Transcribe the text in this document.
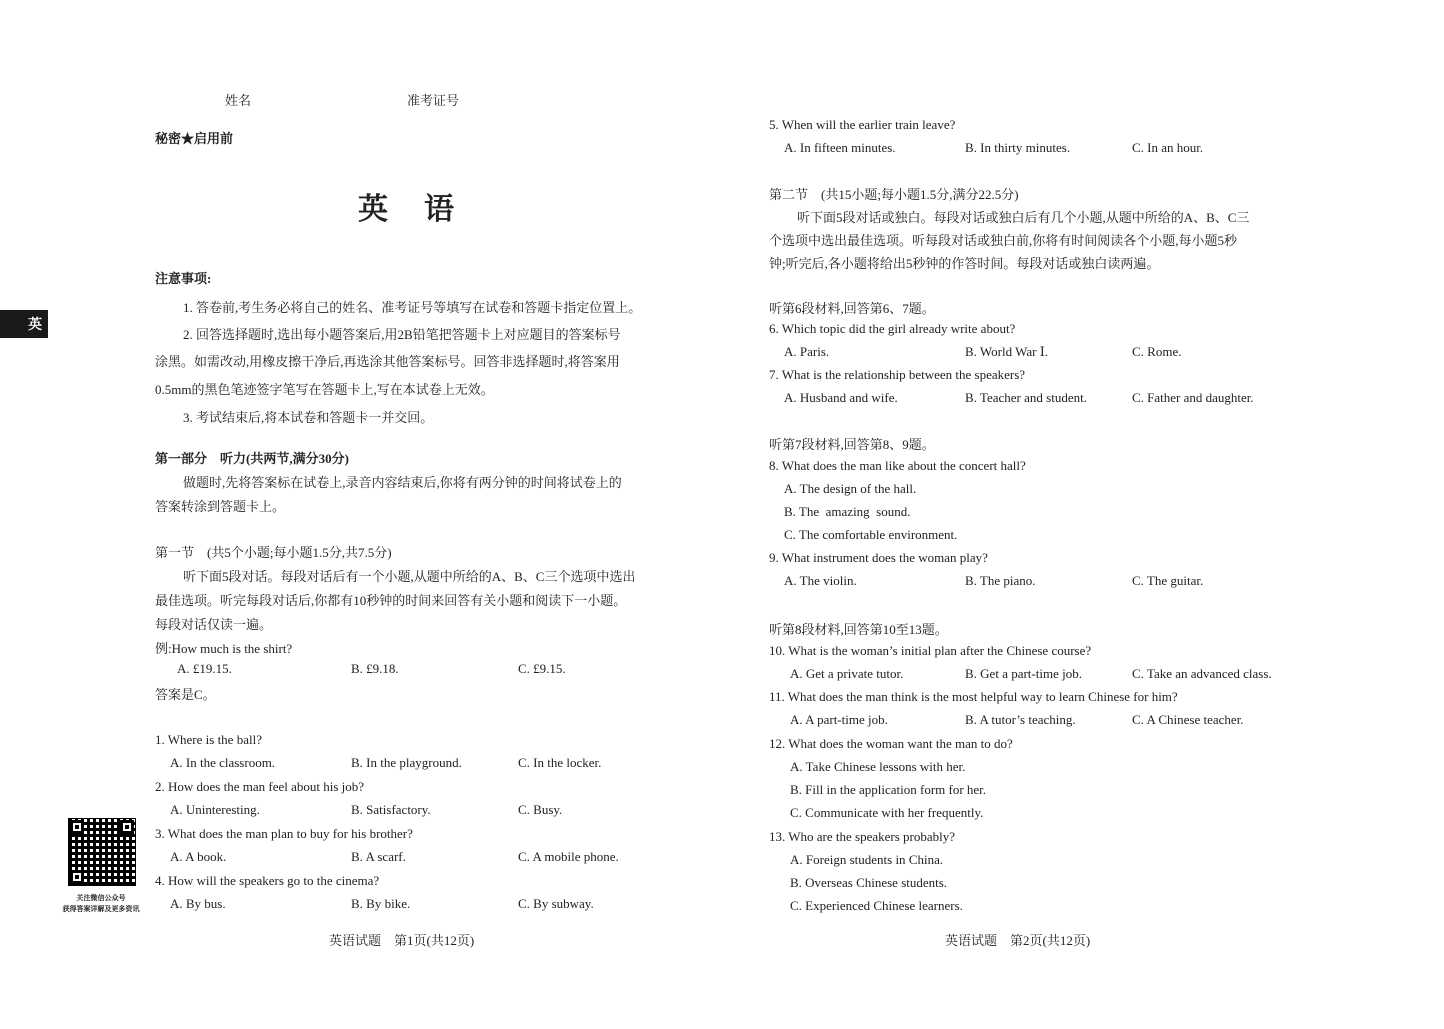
姓名	准考证号
秘密★启用前
英语
英
注意事项:
1. 答卷前,考生务必将自己的姓名、准考证号等填写在试卷和答题卡指定位置上。
2. 回答选择题时,选出每小题答案后,用2B铅笔把答题卡上对应题目的答案标号
涂黑。如需改动,用橡皮擦干净后,再选涂其他答案标号。回答非选择题时,将答案用
0.5mm的黑色笔迹签字笔写在答题卡上,写在本试卷上无效。
3. 考试结束后,将本试卷和答题卡一并交回。
第一部分　听力(共两节,满分30分)
做题时,先将答案标在试卷上,录音内容结束后,你将有两分钟的时间将试卷上的
答案转涂到答题卡上。
第一节　(共5个小题;每小题1.5分,共7.5分)
听下面5段对话。每段对话后有一个小题,从题中所给的A、B、C三个选项中选出
最佳选项。听完每段对话后,你都有10秒钟的时间来回答有关小题和阅读下一小题。
每段对话仅读一遍。
例:How much is the shirt?
A. £19.15.	B. £9.18.	C. £9.15.
答案是C。
1. Where is the ball?
A. In the classroom.	B. In the playground.	C. In the locker.
2. How does the man feel about his job?
A. Uninteresting.	B. Satisfactory.	C. Busy.
3. What does the man plan to buy for his brother?
A. A book.	B. A scarf.	C. A mobile phone.
4. How will the speakers go to the cinema?
A. By bus.	B. By bike.	C. By subway.
关注微信公众号
获得答案详解及更多资讯
英语试题　第1页(共12页)
5. When will the earlier train leave?
A. In fifteen minutes.	B. In thirty minutes.	C. In an hour.
第二节　(共15小题;每小题1.5分,满分22.5分)
听下面5段对话或独白。每段对话或独白后有几个小题,从题中所给的A、B、C三
个选项中选出最佳选项。听每段对话或独白前,你将有时间阅读各个小题,每小题5秒
钟;听完后,各小题将给出5秒钟的作答时间。每段对话或独白读两遍。
听第6段材料,回答第6、7题。
6. Which topic did the girl already write about?
A. Paris.	B. World War Ⅰ.	C. Rome.
7. What is the relationship between the speakers?
A. Husband and wife.	B. Teacher and student.	C. Father and daughter.
听第7段材料,回答第8、9题。
8. What does the man like about the concert hall?
A. The design of the hall.
B. The  amazing  sound.
C. The comfortable environment.
9. What instrument does the woman play?
A. The violin.	B. The piano.	C. The guitar.
听第8段材料,回答第10至13题。
10. What is the woman’s initial plan after the Chinese course?
A. Get a private tutor.	B. Get a part-time job.	C. Take an advanced class.
11. What does the man think is the most helpful way to learn Chinese for him?
A. A part-time job.	B. A tutor’s teaching.	C. A Chinese teacher.
12. What does the woman want the man to do?
A. Take Chinese lessons with her.
B. Fill in the application form for her.
C. Communicate with her frequently.
13. Who are the speakers probably?
A. Foreign students in China.
B. Overseas Chinese students.
C. Experienced Chinese learners.
英语试题　第2页(共12页)
